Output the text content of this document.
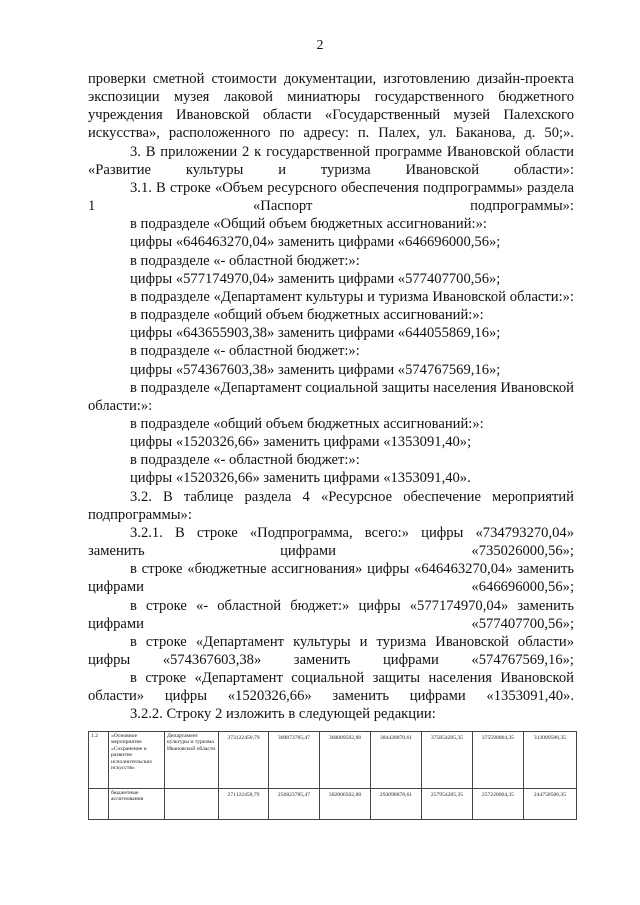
2

проверки сметной стоимости документации, изготовлению дизайн-проекта экспозиции музея лаковой миниатюры государственного бюджетного учреждения Ивановской области «Государственный музей Палехского искусства», расположенного по адресу: п. Палех, ул. Баканова, д. 50;».

3. В приложении 2 к государственной программе Ивановской области «Развитие культуры и туризма Ивановской области»:

3.1. В строке «Объем ресурсного обеспечения подпрограммы» раздела 1 «Паспорт подпрограммы»:

в подразделе «Общий объем бюджетных ассигнований:»:

цифры «646463270,04» заменить цифрами «646696000,56»;

в подразделе «- областной бюджет:»:

цифры «577174970,04» заменить цифрами «577407700,56»;

в подразделе «Департамент культуры и туризма Ивановской области:»:

в подразделе «общий объем бюджетных ассигнований:»:

цифры «643655903,38» заменить цифрами «644055869,16»;

в подразделе «- областной бюджет:»:

цифры «574367603,38» заменить цифрами «574767569,16»;

в подразделе «Департамент социальной защиты населения Ивановской области:»:

в подразделе «общий объем бюджетных ассигнований:»:

цифры «1520326,66» заменить цифрами «1353091,40»;

в подразделе «- областной бюджет:»:

цифры «1520326,66» заменить цифрами «1353091,40».

3.2. В таблице раздела 4 «Ресурсное обеспечение мероприятий подпрограммы»:

3.2.1. В строке «Подпрограмма, всего:» цифры «734793270,04» заменить цифрами «735026000,56»;

в строке «бюджетные ассигнования» цифры «646463270,04» заменить цифрами «646696000,56»;

в строке «- областной бюджет:» цифры «577174970,04» заменить цифрами «577407700,56»;

в строке «Департамент культуры и туризма Ивановской области» цифры «574367603,38» заменить цифрами «574767569,16»;

в строке «Департамент социальной защиты населения Ивановской области» цифры «1520326,66» заменить цифрами «1353091,40».

3.2.2. Строку 2 изложить в следующей редакции:

1.2	«Основное мероприятие «Сохранение и развитие исполнительских искусств»	Департамент культуры и туризма Ивановской области	373122450,79	309873785,47	360089502,88	384428878,61	375854205,35	375590064,35	313089506,35
	бюджетные ассигнования		271122450,79	256823785,47	302806502,88	293098878,61	257954205,35	257220064,35	244758506,35
